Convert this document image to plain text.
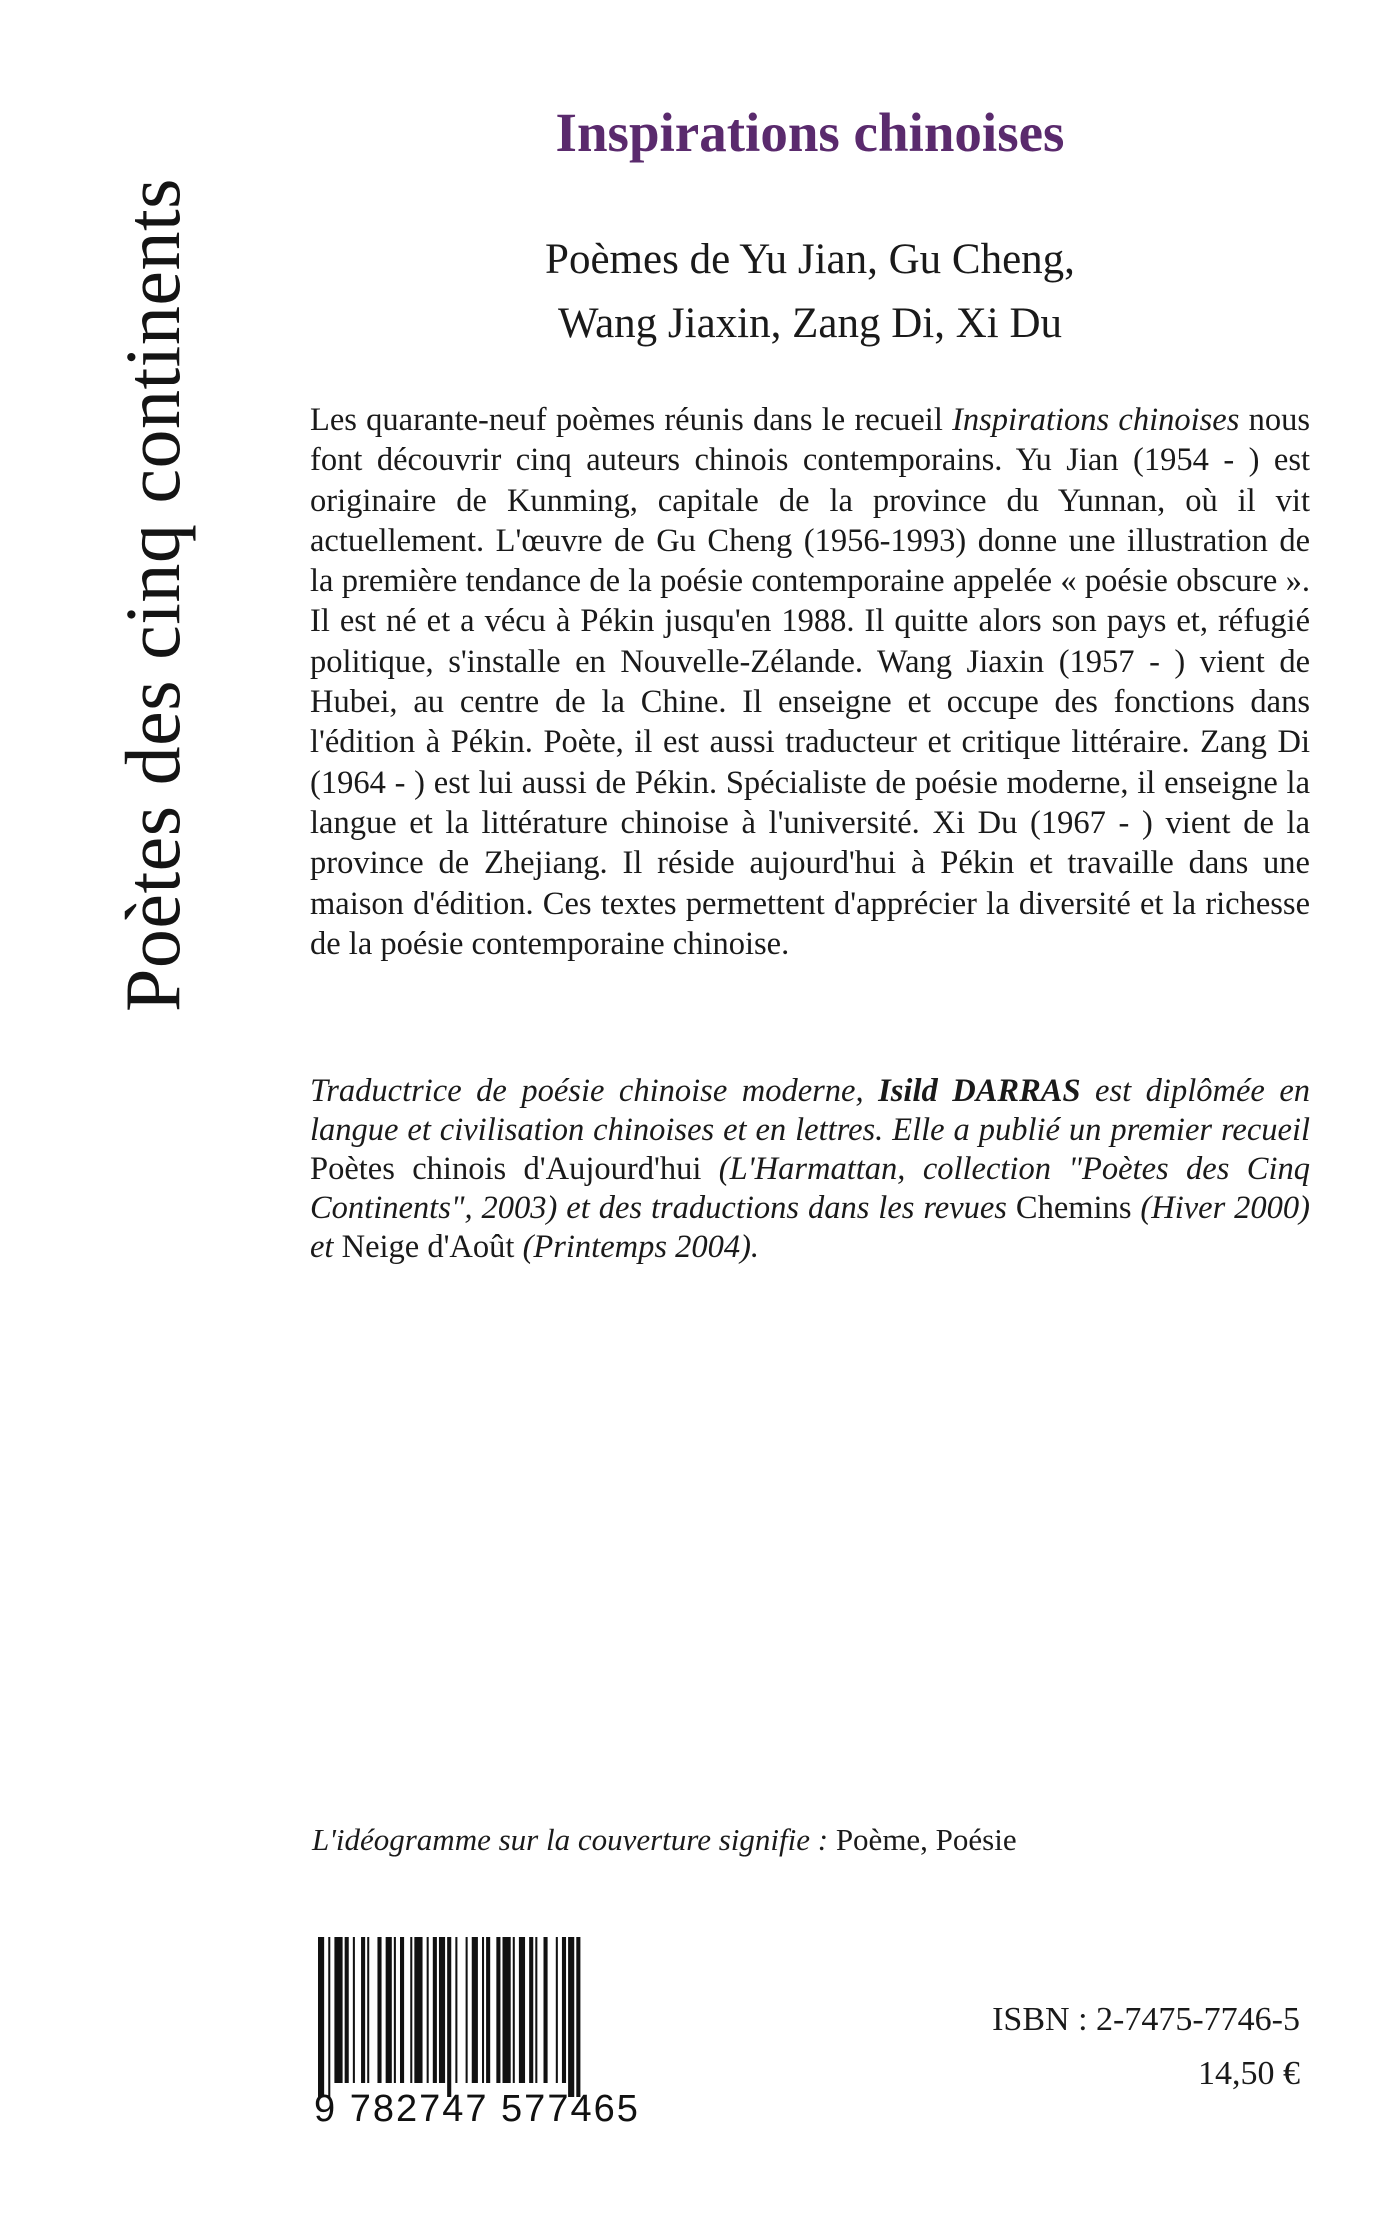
Poètes des cinq continents
Inspirations chinoises
Poèmes de Yu Jian, Gu Cheng,
Wang Jiaxin, Zang Di, Xi Du

Les quarante-neuf poèmes réunis dans le recueil Inspirations chinoises nous font découvrir cinq auteurs chinois contemporains. Yu Jian (1954 - ) est originaire de Kunming, capitale de la province du Yunnan, où il vit actuellement. L'œuvre de Gu Cheng (1956-1993) donne une illustration de la première tendance de la poésie contemporaine appelée « poésie obscure ». Il est né et a vécu à Pékin jusqu'en 1988. Il quitte alors son pays et, réfugié politique, s'installe en Nouvelle-Zélande. Wang Jiaxin (1957 - ) vient de Hubei, au centre de la Chine. Il enseigne et occupe des fonctions dans l'édition à Pékin. Poète, il est aussi traducteur et critique littéraire. Zang Di (1964 - ) est lui aussi de Pékin. Spécialiste de poésie moderne, il enseigne la langue et la littérature chinoise à l'université. Xi Du (1967 - ) vient de la province de Zhejiang. Il réside aujourd'hui à Pékin et travaille dans une maison d'édition. Ces textes permettent d'apprécier la diversité et la richesse de la poésie contemporaine chinoise.

Traductrice de poésie chinoise moderne, Isild DARRAS est diplômée en langue et civilisation chinoises et en lettres. Elle a publié un premier recueil Poètes chinois d'Aujourd'hui (L'Harmattan, collection "Poètes des Cinq Continents", 2003) et des traductions dans les revues Chemins (Hiver 2000) et Neige d'Août (Printemps 2004).

L'idéogramme sur la couverture signifie : Poème, Poésie
9 782747 577465
ISBN : 2-7475-7746-5
14,50 €
